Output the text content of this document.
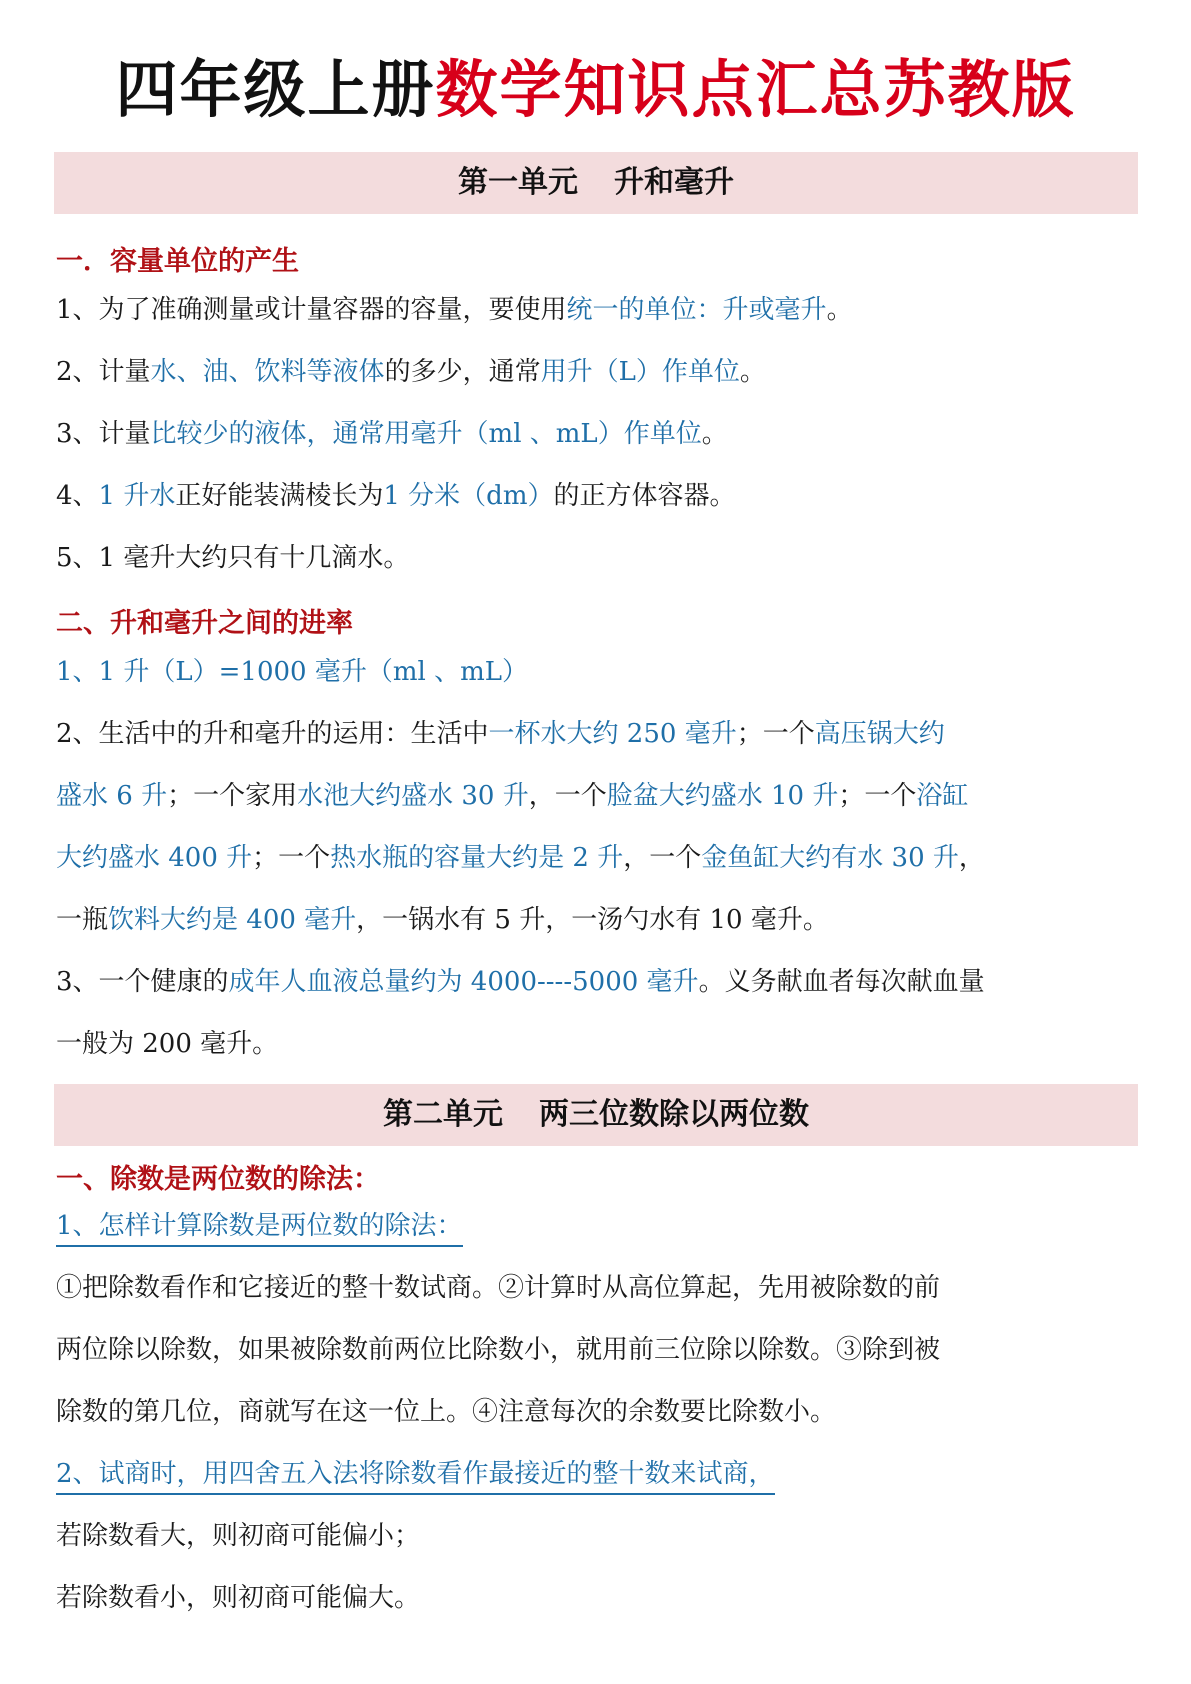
四年级上册数学知识点汇总苏教版
第一单元 升和毫升
一．容量单位的产生
1、为了准确测量或计量容器的容量，要使用统一的单位：升或毫升。
2、计量水、油、饮料等液体的多少，通常用升（L）作单位。
3、计量比较少的液体，通常用毫升（ml 、mL）作单位。
4、1 升水正好能装满棱长为1 分米（dm）的正方体容器。
5、1 毫升大约只有十几滴水。
二、升和毫升之间的进率
1、1 升（L）=1000 毫升（ml 、mL）
2、生活中的升和毫升的运用：生活中一杯水大约 250 毫升；一个高压锅大约
盛水 6 升；一个家用水池大约盛水 30 升，一个脸盆大约盛水 10 升；一个浴缸
大约盛水 400 升；一个热水瓶的容量大约是 2 升，一个金鱼缸大约有水 30 升，
一瓶饮料大约是 400 毫升，一锅水有 5 升，一汤勺水有 10 毫升。
3、一个健康的成年人血液总量约为 4000----5000 毫升。义务献血者每次献血量
一般为 200 毫升。
第二单元 两三位数除以两位数
一、除数是两位数的除法：
1、怎样计算除数是两位数的除法：
①把除数看作和它接近的整十数试商。②计算时从高位算起，先用被除数的前
两位除以除数，如果被除数前两位比除数小，就用前三位除以除数。③除到被
除数的第几位，商就写在这一位上。④注意每次的余数要比除数小。
2、试商时，用四舍五入法将除数看作最接近的整十数来试商，
若除数看大，则初商可能偏小；
若除数看小，则初商可能偏大。
